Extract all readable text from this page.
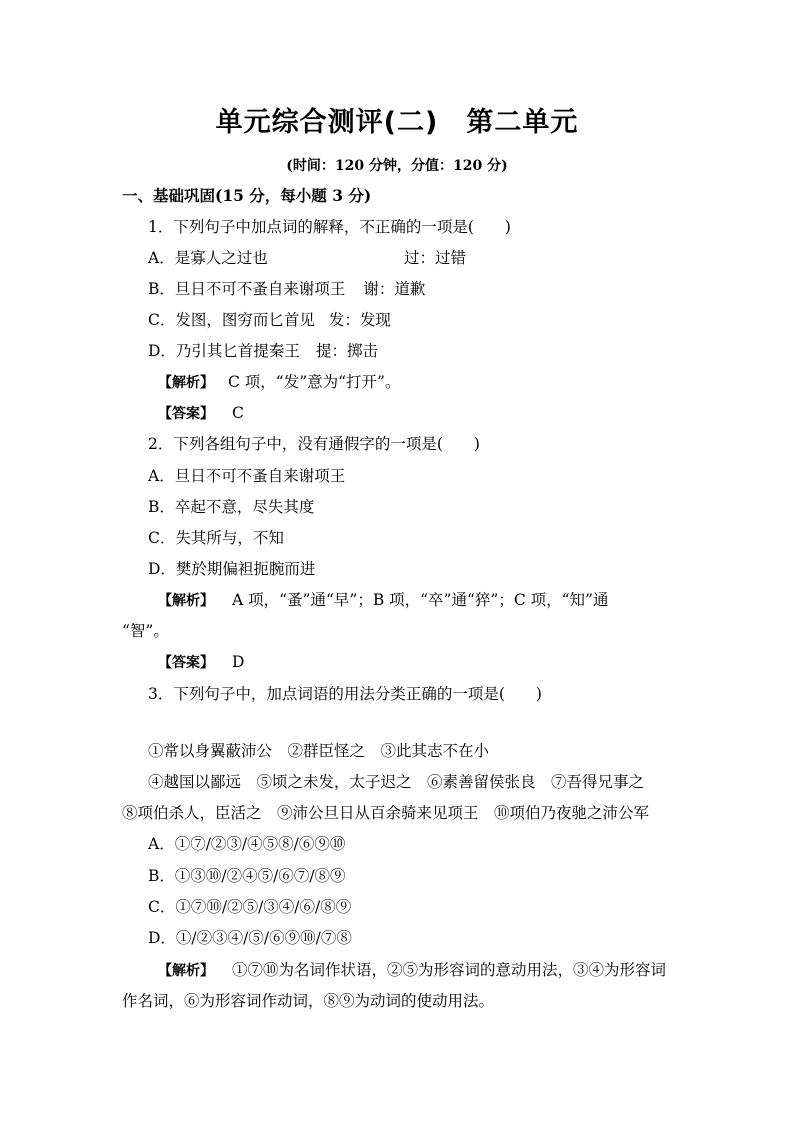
单元综合测评(二)　第二单元
(时间：120 分钟，分值：120 分)
一、基础巩固(15 分，每小题 3 分)
1．下列句子中加点词的解释，不正确的一项是(　　)
A．是寡人之过也	过：过错
B．旦日不可不蚤自来谢项王 谢：道歉
C．发图，图穷而匕首见 发：发现
D．乃引其匕首提秦王 提：掷击
【解析】 C 项，“发”意为“打开”。
【答案】 C
2．下列各组句子中，没有通假字的一项是(　　)
A．旦日不可不蚤自来谢项王
B．卒起不意，尽失其度
C．失其所与，不知
D．樊於期偏袒扼腕而进
【解析】 A 项，“蚤”通“早”；B 项，“卒”通“猝”；C 项，“知”通
“智”。
【答案】 D
3．下列句子中，加点词语的用法分类正确的一项是(　　)
①常以身翼蔽沛公　②群臣怪之　③此其志不在小
④越国以鄙远　⑤顷之未发，太子迟之　⑥素善留侯张良　⑦吾得兄事之
⑧项伯杀人，臣活之　⑨沛公旦日从百余骑来见项王　⑩项伯乃夜驰之沛公军
A．①⑦/②③/④⑤⑧/⑥⑨⑩
B．①③⑩/②④⑤/⑥⑦/⑧⑨
C．①⑦⑩/②⑤/③④/⑥/⑧⑨
D．①/②③④/⑤/⑥⑨⑩/⑦⑧
【解析】 ①⑦⑩为名词作状语，②⑤为形容词的意动用法，③④为形容词
作名词，⑥为形容词作动词，⑧⑨为动词的使动用法。
